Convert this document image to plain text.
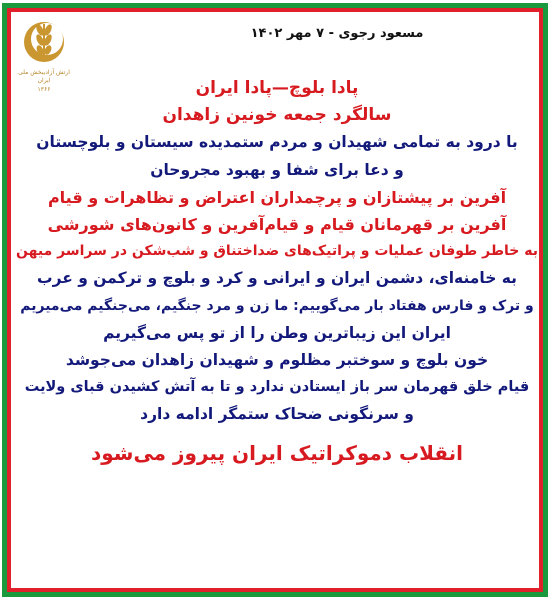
ارتش آزادیبخش ملی ایران
۱۳۶۶
مسعود رجوی - ۷ مهر ۱۴۰۲
پادا بلوچ—پادا ایران
سالگرد جمعه خونین زاهدان
با درود به تمامی شهیدان و مردم ستمدیده سیستان و بلوچستان
و دعا برای شفا و بهبود مجروحان
آفرین بر پیشتازان و پرچمداران اعتراض و تظاهرات و قیام
آفرین بر قهرمانان قیام و قیام‌آفرین و کانون‌های شورشی
به خاطر طوفان عملیات و پراتیک‌های ضداختناق و شب‌شکن در سراسر میهن
به خامنه‌ای، دشمن ایران و ایرانی و کرد و بلوچ و ترکمن و عرب
و ترک و فارس هفتاد بار می‌گوییم: ما زن و مرد جنگیم، می‌جنگیم می‌میریم
ایران این زیباترین وطن را از تو پس می‌گیریم
خون بلوچ و سوختبر مظلوم و شهیدان زاهدان می‌جوشد
قیام خلق قهرمان سر باز ایستادن ندارد و تا به آتش کشیدن قبای ولایت
و سرنگونی ضحاک ستمگر ادامه دارد
انقلاب دموکراتیک ایران پیروز می‌شود
